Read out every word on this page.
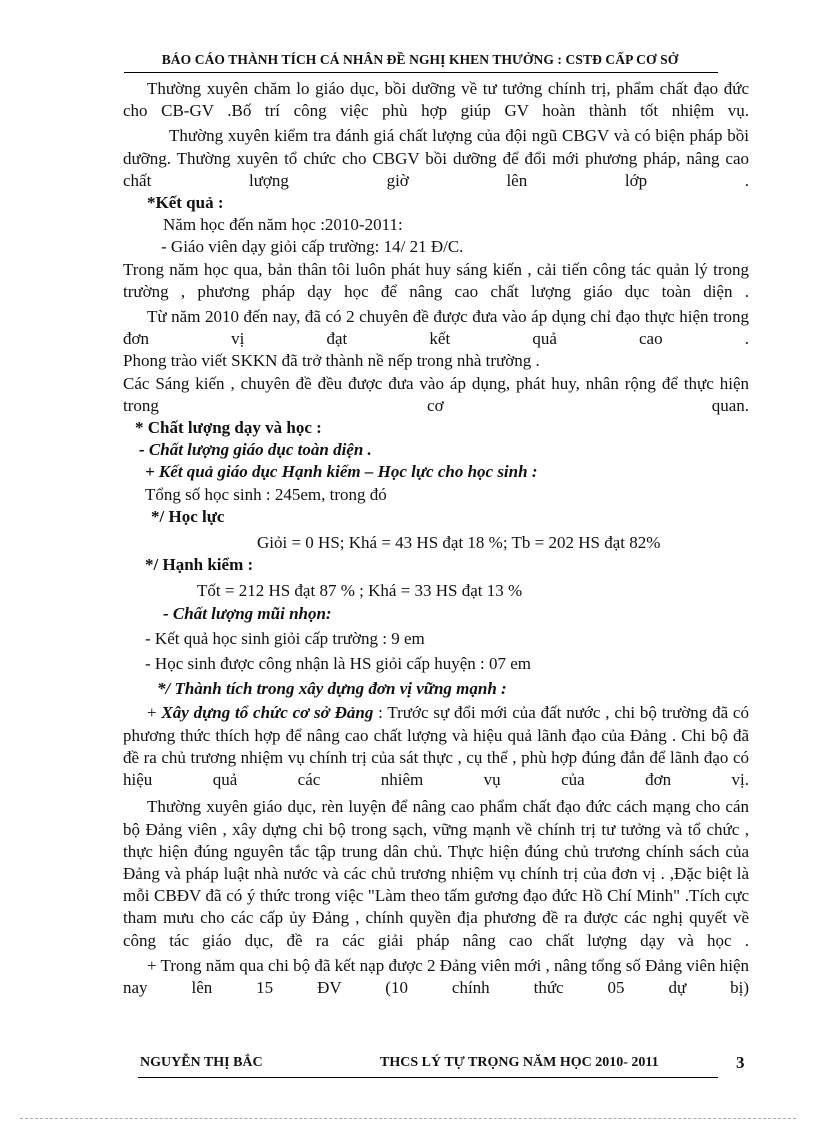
BÁO CÁO THÀNH TÍCH CÁ NHÂN ĐỀ NGHỊ KHEN THƯỞNG : CSTĐ CẤP CƠ SỞ

Thường xuyên chăm lo giáo dục, bồi dưỡng về tư tưởng chính trị, phẩm chất đạo đức cho CB-GV .Bố trí công việc phù hợp giúp GV hoàn thành tốt nhiệm vụ.

Thường xuyên kiểm tra đánh giá chất lượng của đội ngũ CBGV và có biện pháp bồi dưỡng. Thường xuyên tổ chức cho CBGV bồi dưỡng để đổi mới phương pháp, nâng cao chất lượng giờ lên lớp .

*Kết quả :

Năm học đến năm học :2010-2011:

- Giáo viên dạy giỏi cấp trường: 14/ 21 Đ/C.

Trong năm học qua, bản thân tôi luôn phát huy sáng kiến , cải tiến công tác quản lý trong trường , phương pháp dạy học để nâng cao chất lượng giáo dục toàn diện .

Từ năm 2010 đến nay, đã có 2 chuyên đề được đưa vào áp dụng chỉ đạo thực hiện trong đơn vị đạt kết quả cao .

Phong trào viết SKKN đã trở thành nề nếp trong nhà trường .

Các Sáng kiến , chuyên đề đều được đưa vào áp dụng, phát huy, nhân rộng để thực hiện trong cơ quan.

* Chất lượng dạy và học :

- Chất lượng giáo dục toàn diện .

+ Kết quả giáo dục Hạnh kiểm – Học lực cho học sinh :

Tổng số học sinh : 245em, trong đó

*/ Học lực

Giỏi = 0 HS; Khá = 43 HS đạt 18 %; Tb = 202 HS đạt 82%

*/ Hạnh kiểm :

Tốt = 212 HS đạt 87 % ; Khá = 33 HS đạt 13 %

- Chất lượng mũi nhọn:

- Kết quả học sinh giỏi cấp trường : 9 em

- Học sinh được công nhận là HS giỏi cấp huyện : 07 em

*/ Thành tích trong xây dựng đơn vị vững mạnh :

+ Xây dựng tổ chức cơ sở Đảng : Trước sự đổi mới của đất nước , chi bộ trường đã có phương thức thích hợp để nâng cao chất lượng và hiệu quả lãnh đạo của Đảng . Chi bộ đã đề ra chủ trương nhiệm vụ chính trị của sát thực , cụ thể , phù hợp đúng đắn để lãnh đạo có hiệu quả các nhiêm vụ của đơn vị.

Thường xuyên giáo dục, rèn luyện để nâng cao phẩm chất đạo đức cách mạng cho cán bộ Đảng viên , xây dựng chi bộ trong sạch, vững mạnh về chính trị tư tưởng và tổ chức , thực hiện đúng nguyên tắc tập trung dân chủ. Thực hiện đúng chủ trương chính sách của Đảng và pháp luật nhà nước và các chủ trương nhiệm vụ chính trị của đơn vị . ,Đặc biệt là mỗi CBĐV đã có ý thức trong việc "Làm theo tấm gương đạo đức Hồ Chí Minh" .Tích cực tham mưu cho các cấp ủy Đảng , chính quyền địa phương đề ra được các nghị quyết về công tác giáo dục, đề ra các giải pháp nâng cao chất lượng dạy và học .

+ Trong năm qua chi bộ đã kết nạp được 2 Đảng viên mới , nâng tổng số Đảng viên hiện nay lên 15 ĐV (10 chính thức 05 dự bị)

NGUYỄN THỊ BẮC	THCS LÝ TỰ TRỌNG NĂM HỌC 2010- 2011	3
